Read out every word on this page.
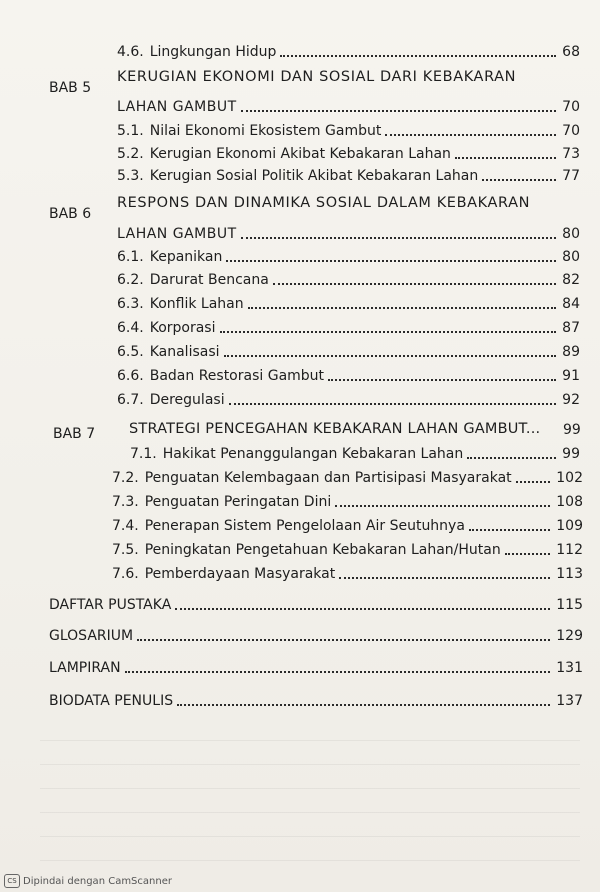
4.6. Lingkungan Hidup	68
BAB 5
KERUGIAN EKONOMI DAN SOSIAL DARI KEBAKARAN
LAHAN GAMBUT	70
5.1. Nilai Ekonomi Ekosistem Gambut	70
5.2. Kerugian Ekonomi Akibat Kebakaran Lahan	73
5.3. Kerugian Sosial Politik Akibat Kebakaran Lahan	77
BAB 6
RESPONS DAN DINAMIKA SOSIAL DALAM KEBAKARAN
LAHAN GAMBUT	80
6.1. Kepanikan	80
6.2. Darurat Bencana	82
6.3. Konflik Lahan	84
6.4. Korporasi	87
6.5. Kanalisasi	89
6.6. Badan Restorasi Gambut	91
6.7. Deregulasi	92
BAB 7 STRATEGI PENCEGAHAN KEBAKARAN LAHAN GAMBUT... 99
7.1. Hakikat Penanggulangan Kebakaran Lahan	99
7.2. Penguatan Kelembagaan dan Partisipasi Masyarakat	102
7.3. Penguatan Peringatan Dini	108
7.4. Penerapan Sistem Pengelolaan Air Seutuhnya	109
7.5. Peningkatan Pengetahuan Kebakaran Lahan/Hutan	112
7.6. Pemberdayaan Masyarakat	113
DAFTAR PUSTAKA	115
GLOSARIUM	129
LAMPIRAN	131
BIODATA PENULIS	137
CS Dipindai dengan CamScanner
